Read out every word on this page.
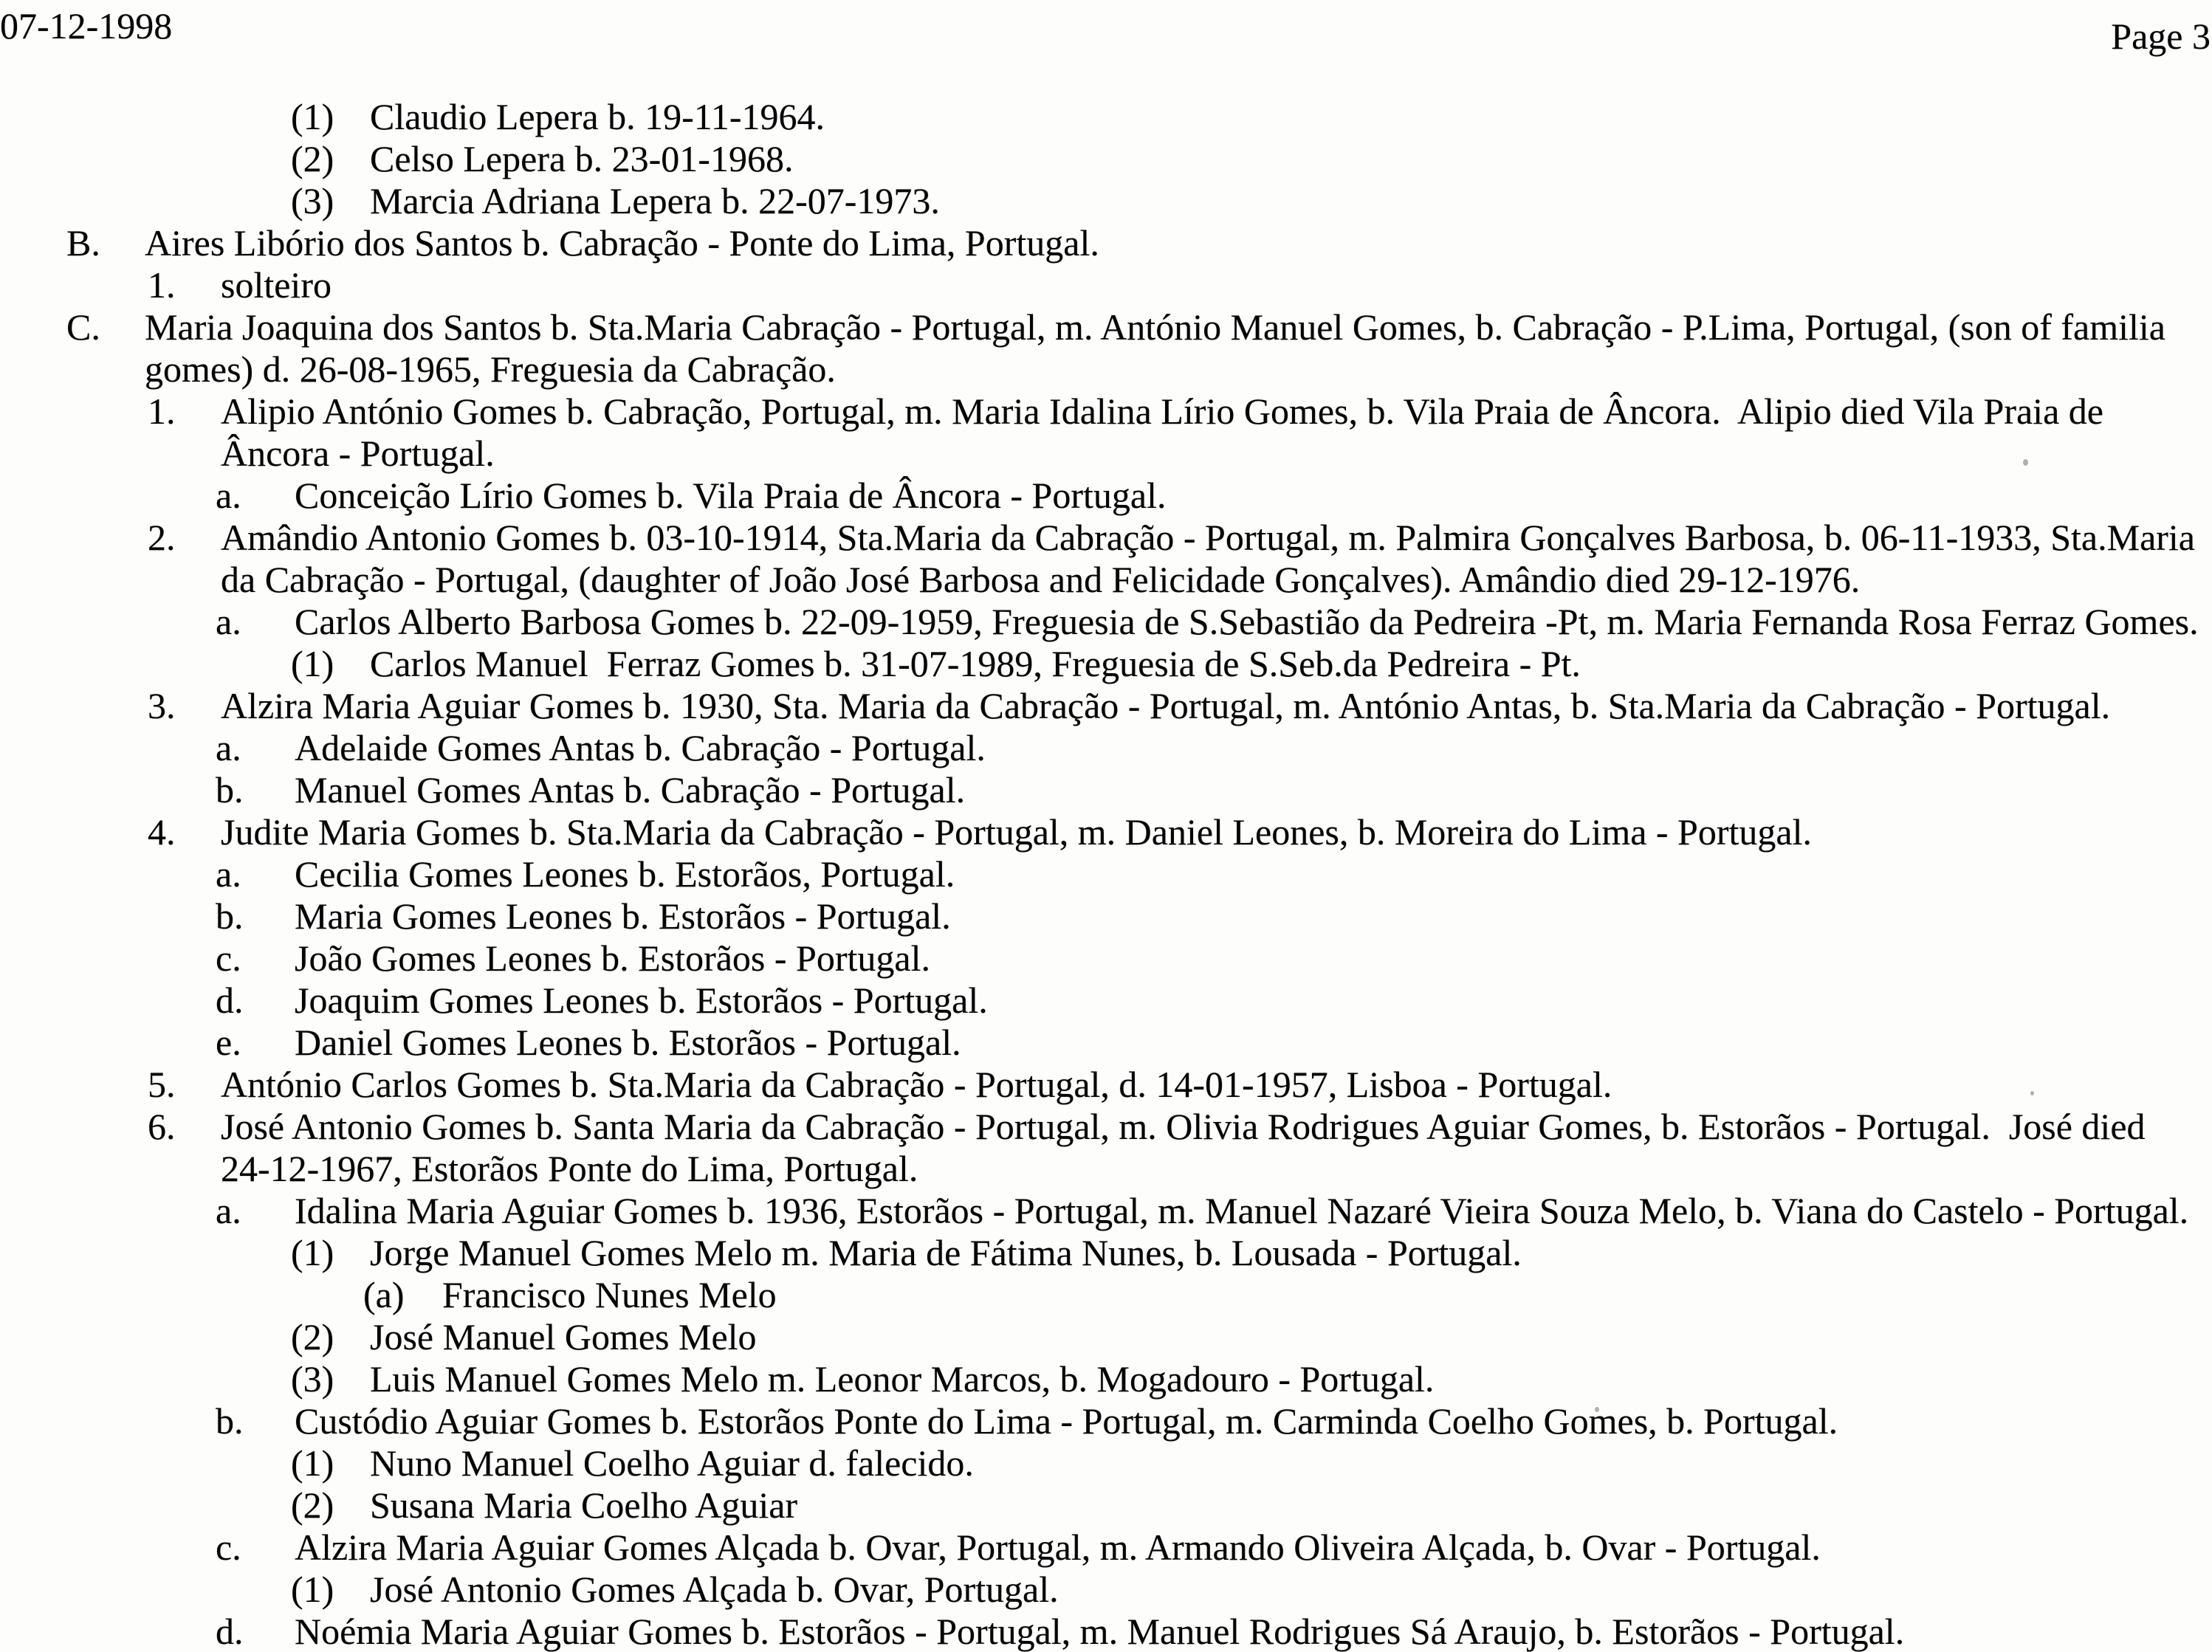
07-12-1998	Page 3
(1) Claudio Lepera b. 19-11-1964.
(2) Celso Lepera b. 23-01-1968.
(3) Marcia Adriana Lepera b. 22-07-1973.
B. Aires Libório dos Santos b. Cabração - Ponte do Lima, Portugal.
1. solteiro
C. Maria Joaquina dos Santos b. Sta.Maria Cabração - Portugal, m. António Manuel Gomes, b. Cabração - P.Lima, Portugal, (son of familia
gomes) d. 26-08-1965, Freguesia da Cabração.
1. Alipio António Gomes b. Cabração, Portugal, m. Maria Idalina Lírio Gomes, b. Vila Praia de Âncora.  Alipio died Vila Praia de
Âncora - Portugal.
a. Conceição Lírio Gomes b. Vila Praia de Âncora - Portugal.
2. Amândio Antonio Gomes b. 03-10-1914, Sta.Maria da Cabração - Portugal, m. Palmira Gonçalves Barbosa, b. 06-11-1933, Sta.Maria
da Cabração - Portugal, (daughter of João José Barbosa and Felicidade Gonçalves). Amândio died 29-12-1976.
a. Carlos Alberto Barbosa Gomes b. 22-09-1959, Freguesia de S.Sebastião da Pedreira -Pt, m. Maria Fernanda Rosa Ferraz Gomes.
(1) Carlos Manuel  Ferraz Gomes b. 31-07-1989, Freguesia de S.Seb.da Pedreira - Pt.
3. Alzira Maria Aguiar Gomes b. 1930, Sta. Maria da Cabração - Portugal, m. António Antas, b. Sta.Maria da Cabração - Portugal.
a. Adelaide Gomes Antas b. Cabração - Portugal.
b. Manuel Gomes Antas b. Cabração - Portugal.
4. Judite Maria Gomes b. Sta.Maria da Cabração - Portugal, m. Daniel Leones, b. Moreira do Lima - Portugal.
a. Cecilia Gomes Leones b. Estorãos, Portugal.
b. Maria Gomes Leones b. Estorãos - Portugal.
c. João Gomes Leones b. Estorãos - Portugal.
d. Joaquim Gomes Leones b. Estorãos - Portugal.
e. Daniel Gomes Leones b. Estorãos - Portugal.
5. António Carlos Gomes b. Sta.Maria da Cabração - Portugal, d. 14-01-1957, Lisboa - Portugal.
6. José Antonio Gomes b. Santa Maria da Cabração - Portugal, m. Olivia Rodrigues Aguiar Gomes, b. Estorãos - Portugal.  José died
24-12-1967, Estorãos Ponte do Lima, Portugal.
a. Idalina Maria Aguiar Gomes b. 1936, Estorãos - Portugal, m. Manuel Nazaré Vieira Souza Melo, b. Viana do Castelo - Portugal.
(1) Jorge Manuel Gomes Melo m. Maria de Fátima Nunes, b. Lousada - Portugal.
(a) Francisco Nunes Melo
(2) José Manuel Gomes Melo
(3) Luis Manuel Gomes Melo m. Leonor Marcos, b. Mogadouro - Portugal.
b. Custódio Aguiar Gomes b. Estorãos Ponte do Lima - Portugal, m. Carminda Coelho Gomes, b. Portugal.
(1) Nuno Manuel Coelho Aguiar d. falecido.
(2) Susana Maria Coelho Aguiar
c. Alzira Maria Aguiar Gomes Alçada b. Ovar, Portugal, m. Armando Oliveira Alçada, b. Ovar - Portugal.
(1) José Antonio Gomes Alçada b. Ovar, Portugal.
d. Noémia Maria Aguiar Gomes b. Estorãos - Portugal, m. Manuel Rodrigues Sá Araujo, b. Estorãos - Portugal.
